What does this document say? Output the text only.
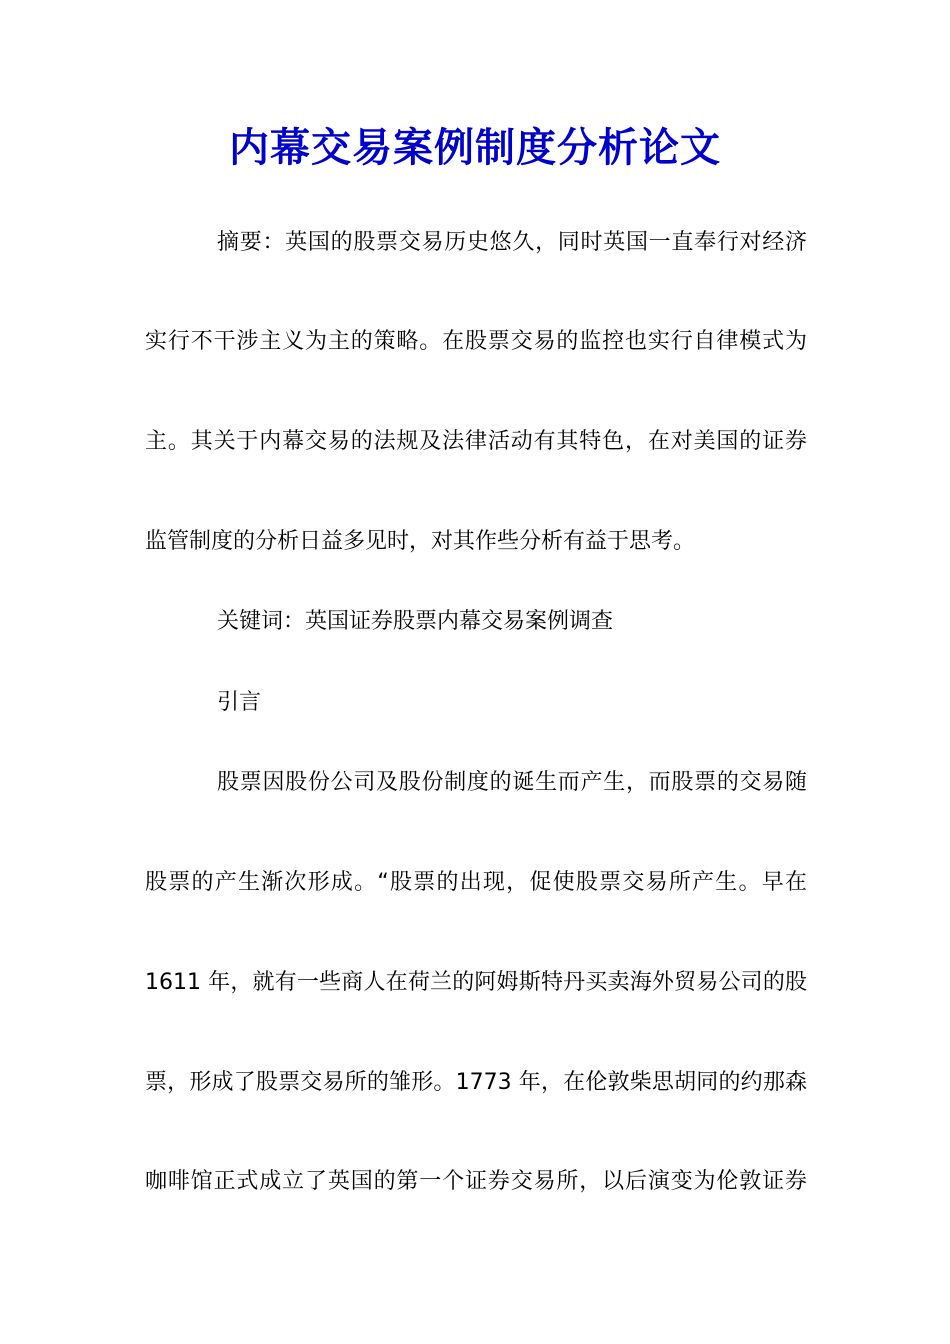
内幕交易案例制度分析论文

摘要：英国的股票交易历史悠久，同时英国一直奉行对经济

实行不干涉主义为主的策略。在股票交易的监控也实行自律模式为

主。其关于内幕交易的法规及法律活动有其特色，在对美国的证券

监管制度的分析日益多见时，对其作些分析有益于思考。

关键词：英国证券股票内幕交易案例调查

引言

股票因股份公司及股份制度的诞生而产生，而股票的交易随

股票的产生渐次形成。“股票的出现，促使股票交易所产生。早在

1611 年，就有一些商人在荷兰的阿姆斯特丹买卖海外贸易公司的股

票，形成了股票交易所的雏形。1773 年，在伦敦柴思胡同的约那森

咖啡馆正式成立了英国的第一个证券交易所，以后演变为伦敦证券
